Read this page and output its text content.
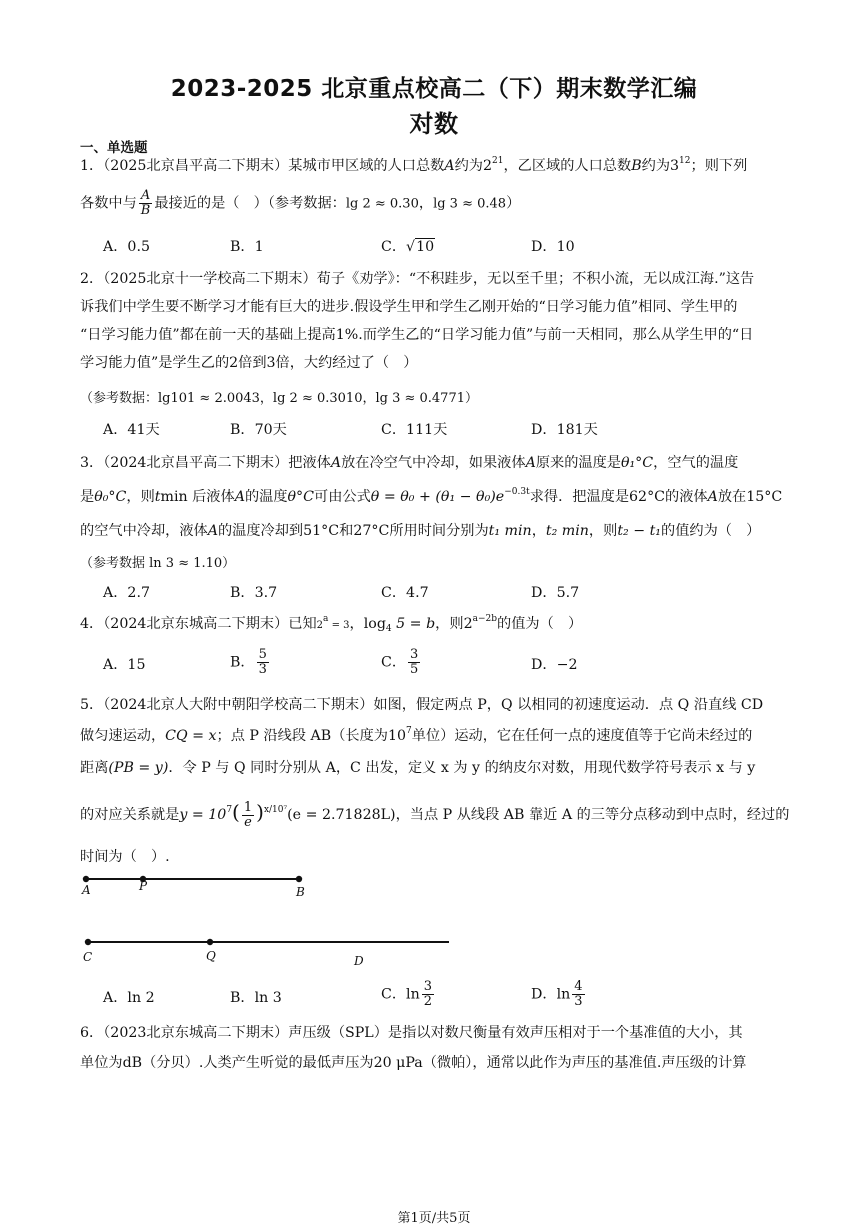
2023-2025 北京重点校高二（下）期末数学汇编
对数
一、单选题
1．（2025北京昌平高二下期末）某城市甲区域的人口总数A约为$2^{21}$，乙区域的人口总数B约为$3^{12}$；则下列
各数中与 $\frac{A}{B}$ 最接近的是（　）（参考数据：lg 2 ≈ 0.30，lg 3 ≈ 0.48）
A．0.5	B．1	C．√10	D．10
2．（2025北京十一学校高二下期末）荀子《劝学》：“不积跬步，无以至千里；不积小流，无以成江海.”这告
诉我们中学生要不断学习才能有巨大的进步.假设学生甲和学生乙刚开始的“日学习能力值”相同、学生甲的
“日学习能力值”都在前一天的基础上提高1%.而学生乙的“日学习能力值”与前一天相同，那么从学生甲的“日
学习能力值”是学生乙的2倍到3倍，大约经过了（　）
（参考数据：lg101 ≈ 2.0043，lg 2 ≈ 0.3010，lg 3 ≈ 0.4771）
A．41天	B．70天	C．111天	D．181天
3．（2024北京昌平高二下期末）把液体A放在冷空气中冷却，如果液体A原来的温度是θ₁°C，空气的温度
是θ₀°C，则tmin 后液体A的温度θ°C可由公式$\theta = \theta_0 + (\theta_1 - \theta_0)e^{-0.3t}$求得．把温度是62°C的液体A放在15°C
的空气中冷却，液体A的温度冷却到51°C和27°C所用时间分别为t₁ min，t₂ min，则t₂ − t₁的值约为（　）
（参考数据 ln 3 ≈ 1.10）
A．2.7	B．3.7	C．4.7	D．5.7
4．（2024北京东城高二下期末）已知$2^a = 3$，$\log_4 5 = b$，则$2^{a-2b}$的值为（　）
A．15	B． $\frac{5}{3}$	C． $\frac{3}{5}$	D．−2
5．（2024北京人大附中朝阳学校高二下期末）如图，假定两点 P，Q 以相同的初速度运动．点 Q 沿直线 CD
做匀速运动，CQ = x；点 P 沿线段 AB（长度为$10^7$单位）运动，它在任何一点的速度值等于它尚未经过的
距离(PB = y)．令 P 与 Q 同时分别从 A，C 出发，定义 x 为 y 的纳皮尔对数，用现代数学符号表示 x 与 y
的对应关系就是$y = 10^7( \frac{1}{e} )^{x/10^7}(e = 2.71828L)$，当点 P 从线段 AB 靠近 A 的三等分点移动到中点时，经过的
时间为（　）.
A	P	B
C	Q	D
A．ln 2	B．ln 3	C．$\ln \frac{3}{2}$	D．$\ln \frac{4}{3}$
6．（2023北京东城高二下期末）声压级（SPL）是指以对数尺衡量有效声压相对于一个基准值的大小，其
单位为dB（分贝）.人类产生听觉的最低声压为20 μPa（微帕），通常以此作为声压的基准值.声压级的计算
第1页/共5页
